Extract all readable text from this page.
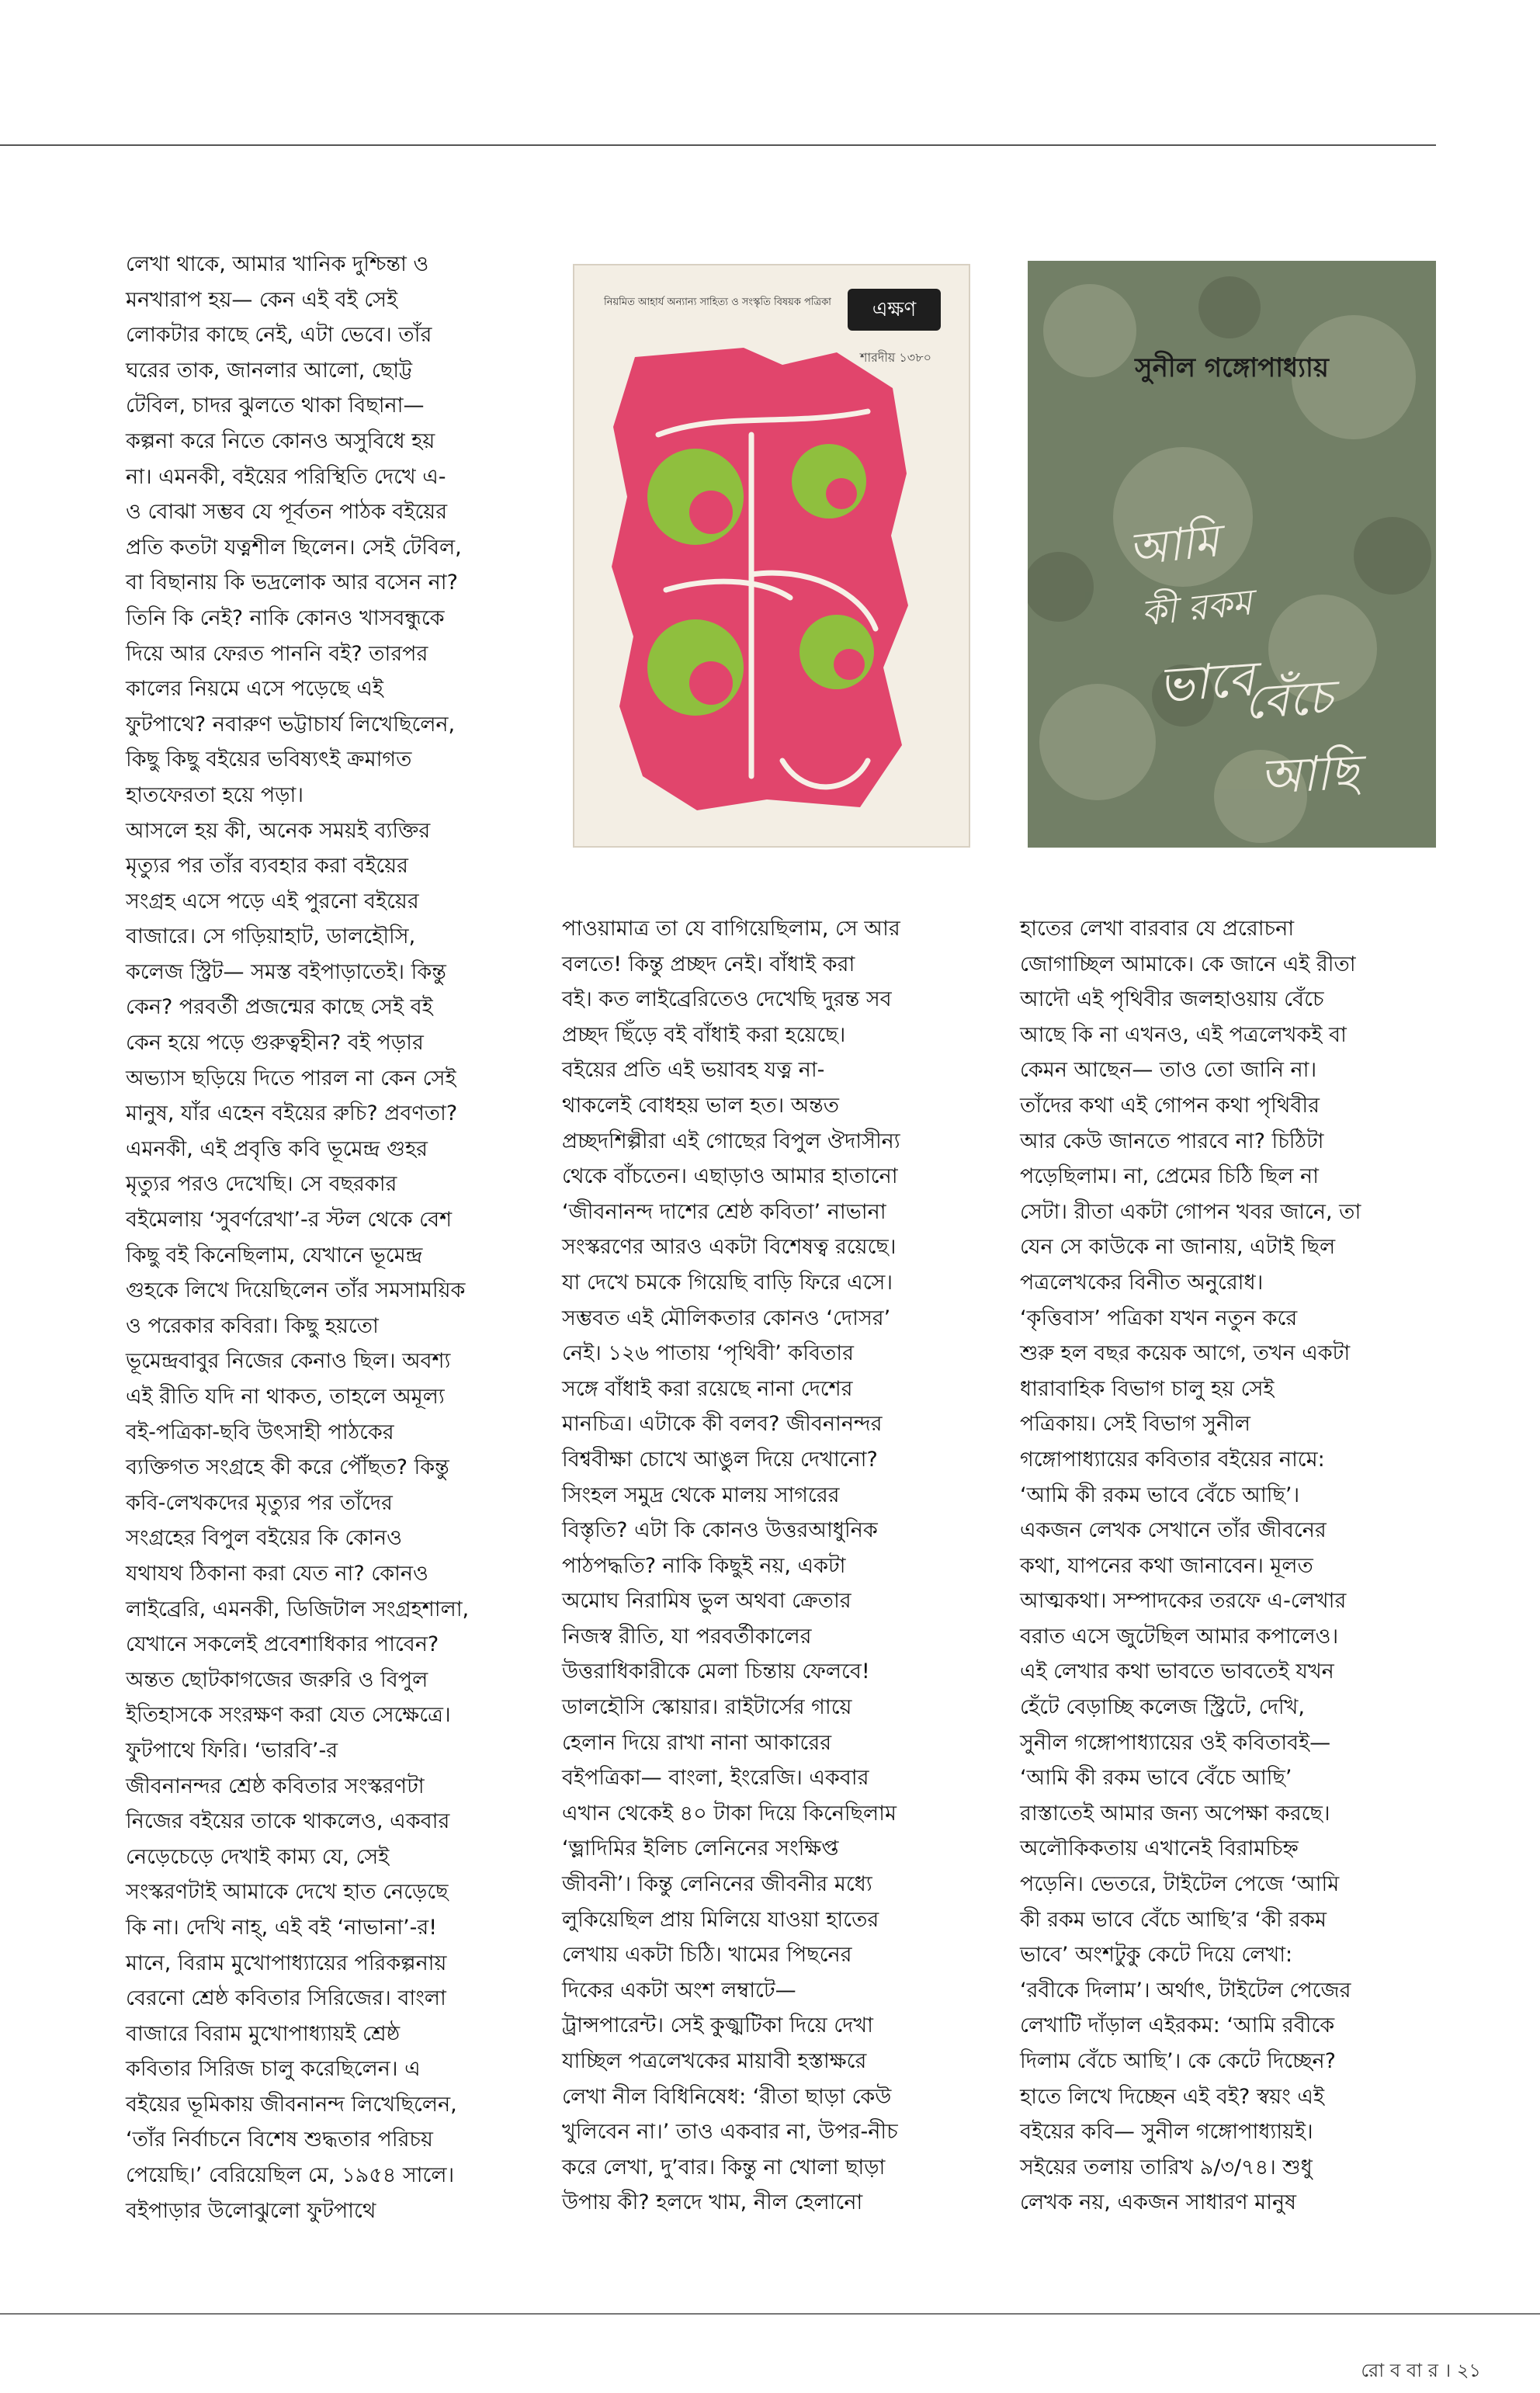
নিয়মিত আহার্য অন্যান্য সাহিত্য ও সংস্কৃতি বিষয়ক পত্রিকা	এক্ষণ
শারদীয় ১৩৮০	সুনীল গঙ্গোপাধ্যায়
আমি
কী রকম
ভাবে
বেঁচে
আছি

লেখা থাকে, আমার খানিক দুশ্চিন্তা ও

মনখারাপ হয়— কেন এই বই সেই

লোকটার কাছে নেই, এটা ভেবে। তাঁর

ঘরের তাক, জানলার আলো, ছোট্ট

টেবিল, চাদর ঝুলতে থাকা বিছানা—

কল্পনা করে নিতে কোনও অসুবিধে হয়

না। এমনকী, বইয়ের পরিস্থিতি দেখে এ-

ও বোঝা সম্ভব যে পূর্বতন পাঠক বইয়ের

প্রতি কতটা যত্নশীল ছিলেন। সেই টেবিল,

বা বিছানায় কি ভদ্রলোক আর বসেন না?

তিনি কি নেই? নাকি কোনও খাসবন্ধুকে

দিয়ে আর ফেরত পাননি বই? তারপর

কালের নিয়মে এসে পড়েছে এই

ফুটপাথে? নবারুণ ভট্টাচার্য লিখেছিলেন,

কিছু কিছু বইয়ের ভবিষ্যৎই ক্রমাগত

হাতফেরতা হয়ে পড়া।

আসলে হয় কী, অনেক সময়ই ব্যক্তির

মৃত্যুর পর তাঁর ব্যবহার করা বইয়ের

সংগ্রহ এসে পড়ে এই পুরনো বইয়ের

বাজারে। সে গড়িয়াহাট, ডালহৌসি,

কলেজ স্ট্রিট— সমস্ত বইপাড়াতেই। কিন্তু

কেন? পরবর্তী প্রজন্মের কাছে সেই বই

কেন হয়ে পড়ে গুরুত্বহীন? বই পড়ার

অভ্যাস ছড়িয়ে দিতে পারল না কেন সেই

মানুষ, যাঁর এহেন বইয়ের রুচি? প্রবণতা?

এমনকী, এই প্রবৃত্তি কবি ভূমেন্দ্র গুহর

মৃত্যুর পরও দেখেছি। সে বছরকার

বইমেলায় ‘সুবর্ণরেখা’-র স্টল থেকে বেশ

কিছু বই কিনেছিলাম, যেখানে ভূমেন্দ্র

গুহকে লিখে দিয়েছিলেন তাঁর সমসাময়িক

ও পরেকার কবিরা। কিছু হয়তো

ভূমেন্দ্রবাবুর নিজের কেনাও ছিল। অবশ্য

এই রীতি যদি না থাকত, তাহলে অমূল্য

বই-পত্রিকা-ছবি উৎসাহী পাঠকের

ব্যক্তিগত সংগ্রহে কী করে পৌঁছত? কিন্তু

কবি-লেখকদের মৃত্যুর পর তাঁদের

সংগ্রহের বিপুল বইয়ের কি কোনও

যথাযথ ঠিকানা করা যেত না? কোনও

লাইব্রেরি, এমনকী, ডিজিটাল সংগ্রহশালা,

যেখানে সকলেই প্রবেশাধিকার পাবেন?

অন্তত ছোটকাগজের জরুরি ও বিপুল

ইতিহাসকে সংরক্ষণ করা যেত সেক্ষেত্রে।

ফুটপাথে ফিরি। ‘ভারবি’-র

জীবনানন্দর শ্রেষ্ঠ কবিতার সংস্করণটা

নিজের বইয়ের তাকে থাকলেও, একবার

নেড়েচেড়ে দেখাই কাম্য যে, সেই

সংস্করণটাই আমাকে দেখে হাত নেড়েছে

কি না। দেখি নাহ্, এই বই ‘নাভানা’-র!

মানে, বিরাম মুখোপাধ্যায়ের পরিকল্পনায়

বেরনো শ্রেষ্ঠ কবিতার সিরিজের। বাংলা

বাজারে বিরাম মুখোপাধ্যায়ই শ্রেষ্ঠ

কবিতার সিরিজ চালু করেছিলেন। এ

বইয়ের ভূমিকায় জীবনানন্দ লিখেছিলেন,

‘তাঁর নির্বাচনে বিশেষ শুদ্ধতার পরিচয়

পেয়েছি।’ বেরিয়েছিল মে, ১৯৫৪ সালে।

বইপাড়ার উলোঝুলো ফুটপাথে

পাওয়ামাত্র তা যে বাগিয়েছিলাম, সে আর

বলতে! কিন্তু প্রচ্ছদ নেই। বাঁধাই করা

বই। কত লাইব্রেরিতেও দেখেছি দুরন্ত সব

প্রচ্ছদ ছিঁড়ে বই বাঁধাই করা হয়েছে।

বইয়ের প্রতি এই ভয়াবহ যত্ন না-

থাকলেই বোধহয় ভাল হত। অন্তত

প্রচ্ছদশিল্পীরা এই গোছের বিপুল ঔদাসীন্য

থেকে বাঁচতেন। এছাড়াও আমার হাতানো

‘জীবনানন্দ দাশের শ্রেষ্ঠ কবিতা’ নাভানা

সংস্করণের আরও একটা বিশেষত্ব রয়েছে।

যা দেখে চমকে গিয়েছি বাড়ি ফিরে এসে।

সম্ভবত এই মৌলিকতার কোনও ‘দোসর’

নেই। ১২৬ পাতায় ‘পৃথিবী’ কবিতার

সঙ্গে বাঁধাই করা রয়েছে নানা দেশের

মানচিত্র। এটাকে কী বলব? জীবনানন্দর

বিশ্ববীক্ষা চোখে আঙুল দিয়ে দেখানো?

সিংহল সমুদ্র থেকে মালয় সাগরের

বিস্তৃতি? এটা কি কোনও উত্তরআধুনিক

পাঠপদ্ধতি? নাকি কিছুই নয়, একটা

অমোঘ নিরামিষ ভুল অথবা ক্রেতার

নিজস্ব রীতি, যা পরবর্তীকালের

উত্তরাধিকারীকে মেলা চিন্তায় ফেলবে!

ডালহৌসি স্কোয়ার। রাইটার্সের গায়ে

হেলান দিয়ে রাখা নানা আকারের

বইপত্রিকা— বাংলা, ইংরেজি। একবার

এখান থেকেই ৪০ টাকা দিয়ে কিনেছিলাম

‘ভ্লাদিমির ইলিচ লেনিনের সংক্ষিপ্ত

জীবনী’। কিন্তু লেনিনের জীবনীর মধ্যে

লুকিয়েছিল প্রায় মিলিয়ে যাওয়া হাতের

লেখায় একটা চিঠি। খামের পিছনের

দিকের একটা অংশ লম্বাটে—

ট্রান্সপারেন্ট। সেই কুজ্ঝটিকা দিয়ে দেখা

যাচ্ছিল পত্রলেখকের মায়াবী হস্তাক্ষরে

লেখা নীল বিধিনিষেধ: ‘রীতা ছাড়া কেউ

খুলিবেন না।’ তাও একবার না, উপর-নীচ

করে লেখা, দু’বার। কিন্তু না খোলা ছাড়া

উপায় কী? হলদে খাম, নীল হেলানো

হাতের লেখা বারবার যে প্ররোচনা

জোগাচ্ছিল আমাকে। কে জানে এই রীতা

আদৌ এই পৃথিবীর জলহাওয়ায় বেঁচে

আছে কি না এখনও, এই পত্রলেখকই বা

কেমন আছেন— তাও তো জানি না।

তাঁদের কথা এই গোপন কথা পৃথিবীর

আর কেউ জানতে পারবে না? চিঠিটা

পড়েছিলাম। না, প্রেমের চিঠি ছিল না

সেটা। রীতা একটা গোপন খবর জানে, তা

যেন সে কাউকে না জানায়, এটাই ছিল

পত্রলেখকের বিনীত অনুরোধ।

‘কৃত্তিবাস’ পত্রিকা যখন নতুন করে

শুরু হল বছর কয়েক আগে, তখন একটা

ধারাবাহিক বিভাগ চালু হয় সেই

পত্রিকায়। সেই বিভাগ সুনীল

গঙ্গোপাধ্যায়ের কবিতার বইয়ের নামে:

‘আমি কী রকম ভাবে বেঁচে আছি’।

একজন লেখক সেখানে তাঁর জীবনের

কথা, যাপনের কথা জানাবেন। মূলত

আত্মকথা। সম্পাদকের তরফে এ-লেখার

বরাত এসে জুটেছিল আমার কপালেও।

এই লেখার কথা ভাবতে ভাবতেই যখন

হেঁটে বেড়াচ্ছি কলেজ স্ট্রিটে, দেখি,

সুনীল গঙ্গোপাধ্যায়ের ওই কবিতাবই—

‘আমি কী রকম ভাবে বেঁচে আছি’

রাস্তাতেই আমার জন্য অপেক্ষা করছে।

অলৌকিকতায় এখানেই বিরামচিহ্ন

পড়েনি। ভেতরে, টাইটেল পেজে ‘আমি

কী রকম ভাবে বেঁচে আছি’র ‘কী রকম

ভাবে’ অংশটুকু কেটে দিয়ে লেখা:

‘রবীকে দিলাম’। অর্থাৎ, টাইটেল পেজের

লেখাটি দাঁড়াল এইরকম: ‘আমি রবীকে

দিলাম বেঁচে আছি’। কে কেটে দিচ্ছেন?

হাতে লিখে দিচ্ছেন এই বই? স্বয়ং এই

বইয়ের কবি— সুনীল গঙ্গোপাধ্যায়ই।

সইয়ের তলায় তারিখ ৯/৩/৭৪। শুধু

লেখক নয়, একজন সাধারণ মানুষ

রো ব বা র । ২১
